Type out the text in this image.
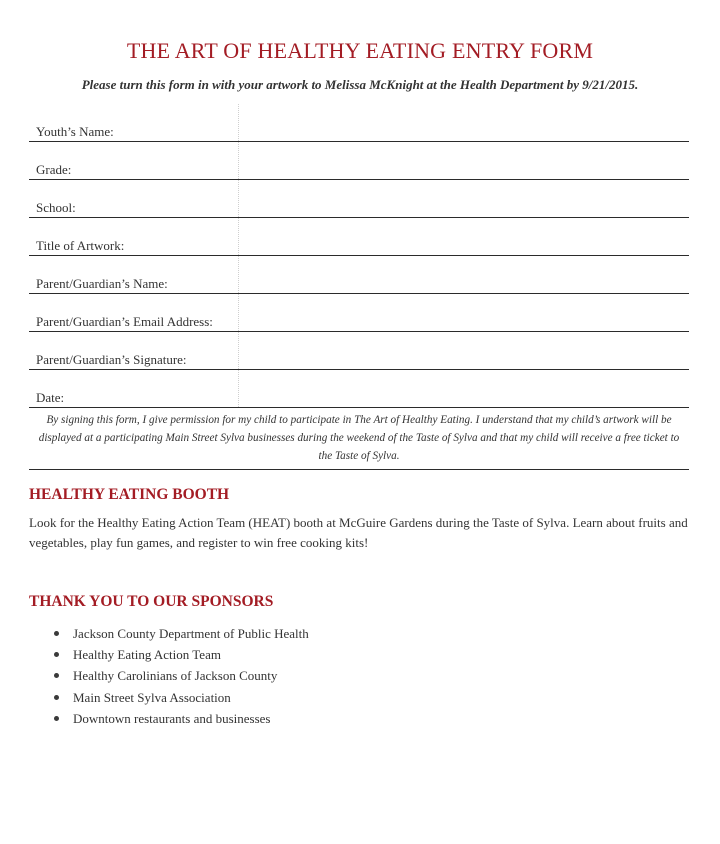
THE ART OF HEALTHY EATING ENTRY FORM
Please turn this form in with your artwork to Melissa McKnight at the Health Department by 9/21/2015.
Youth’s Name:
Grade:
School:
Title of Artwork:
Parent/Guardian’s Name:
Parent/Guardian’s Email Address:
Parent/Guardian’s Signature:
Date:
By signing this form, I give permission for my child to participate in The Art of Healthy Eating. I understand that my child’s artwork will be displayed at a participating Main Street Sylva businesses during the weekend of the Taste of Sylva and that my child will receive a free ticket to the Taste of Sylva.
HEALTHY EATING BOOTH
Look for the Healthy Eating Action Team (HEAT) booth at McGuire Gardens during the Taste of Sylva. Learn about fruits and vegetables, play fun games, and register to win free cooking kits!
THANK YOU TO OUR SPONSORS
Jackson County Department of Public Health
Healthy Eating Action Team
Healthy Carolinians of Jackson County
Main Street Sylva Association
Downtown restaurants and businesses
